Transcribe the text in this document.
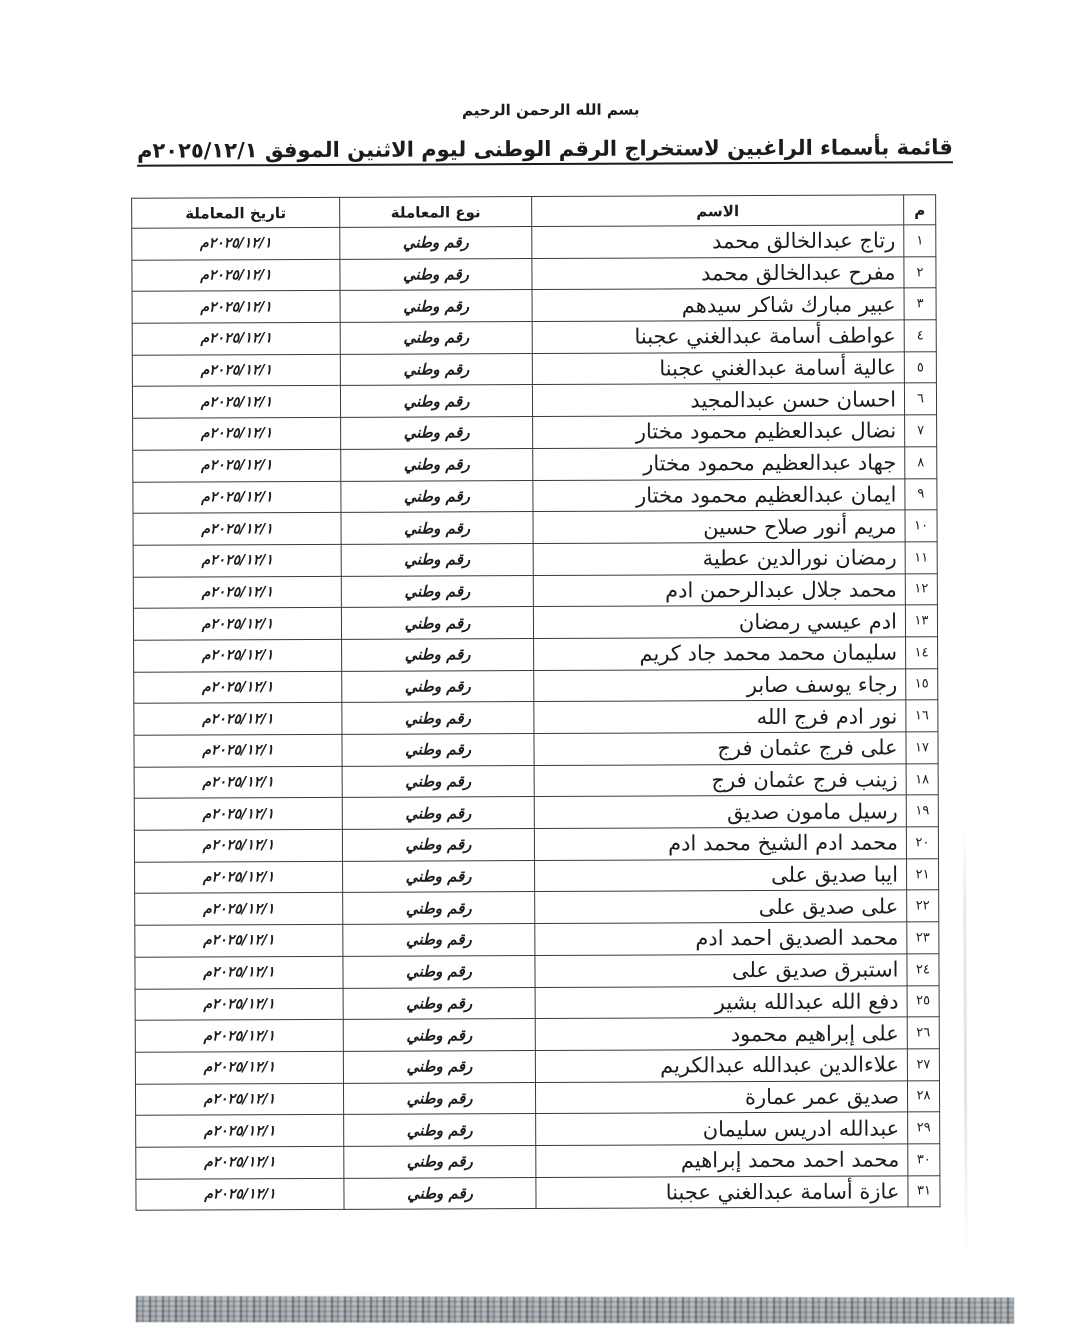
بسم الله الرحمن الرحيم
قائمة بأسماء الراغبين لاستخراج الرقم الوطنى ليوم الاثنين الموفق ٢٠٢٥/١٢/١م
م	الاسم	نوع المعاملة	تاريخ المعاملة
١	رتاج عبدالخالق محمد	رقم وطني	٢٠٢٥/١٢/١م
٢	مفرح عبدالخالق محمد	رقم وطني	٢٠٢٥/١٢/١م
٣	عبير مبارك شاكر سيدهم	رقم وطني	٢٠٢٥/١٢/١م
٤	عواطف أسامة عبدالغني عجبنا	رقم وطني	٢٠٢٥/١٢/١م
٥	عالية أسامة عبدالغني عجبنا	رقم وطني	٢٠٢٥/١٢/١م
٦	احسان حسن عبدالمجيد	رقم وطني	٢٠٢٥/١٢/١م
٧	نضال عبدالعظيم محمود مختار	رقم وطني	٢٠٢٥/١٢/١م
٨	جهاد عبدالعظيم محمود مختار	رقم وطني	٢٠٢٥/١٢/١م
٩	ايمان عبدالعظيم محمود مختار	رقم وطني	٢٠٢٥/١٢/١م
١٠	مريم أنور صلاح حسين	رقم وطني	٢٠٢٥/١٢/١م
١١	رمضان نورالدين عطية	رقم وطني	٢٠٢٥/١٢/١م
١٢	محمد جلال عبدالرحمن ادم	رقم وطني	٢٠٢٥/١٢/١م
١٣	ادم عيسي رمضان	رقم وطني	٢٠٢٥/١٢/١م
١٤	سليمان محمد محمد جاد كريم	رقم وطني	٢٠٢٥/١٢/١م
١٥	رجاء يوسف صابر	رقم وطني	٢٠٢٥/١٢/١م
١٦	نور ادم فرج الله	رقم وطني	٢٠٢٥/١٢/١م
١٧	على فرج عثمان فرج	رقم وطني	٢٠٢٥/١٢/١م
١٨	زينب فرج عثمان فرج	رقم وطني	٢٠٢٥/١٢/١م
١٩	رسيل مامون صديق	رقم وطني	٢٠٢٥/١٢/١م
٢٠	محمد ادم الشيخ محمد ادم	رقم وطني	٢٠٢٥/١٢/١م
٢١	ايبا صديق على	رقم وطني	٢٠٢٥/١٢/١م
٢٢	على صديق على	رقم وطني	٢٠٢٥/١٢/١م
٢٣	محمد الصديق احمد ادم	رقم وطني	٢٠٢٥/١٢/١م
٢٤	استبرق صديق على	رقم وطني	٢٠٢٥/١٢/١م
٢٥	دفع الله عبدالله بشير	رقم وطني	٢٠٢٥/١٢/١م
٢٦	على إبراهيم محمود	رقم وطني	٢٠٢٥/١٢/١م
٢٧	علاءالدين عبدالله عبدالكريم	رقم وطني	٢٠٢٥/١٢/١م
٢٨	صديق عمر عمارة	رقم وطني	٢٠٢٥/١٢/١م
٢٩	عبدالله ادريس سليمان	رقم وطني	٢٠٢٥/١٢/١م
٣٠	محمد احمد محمد إبراهيم	رقم وطني	٢٠٢٥/١٢/١م
٣١	عازة أسامة عبدالغني عجبنا	رقم وطني	٢٠٢٥/١٢/١م
